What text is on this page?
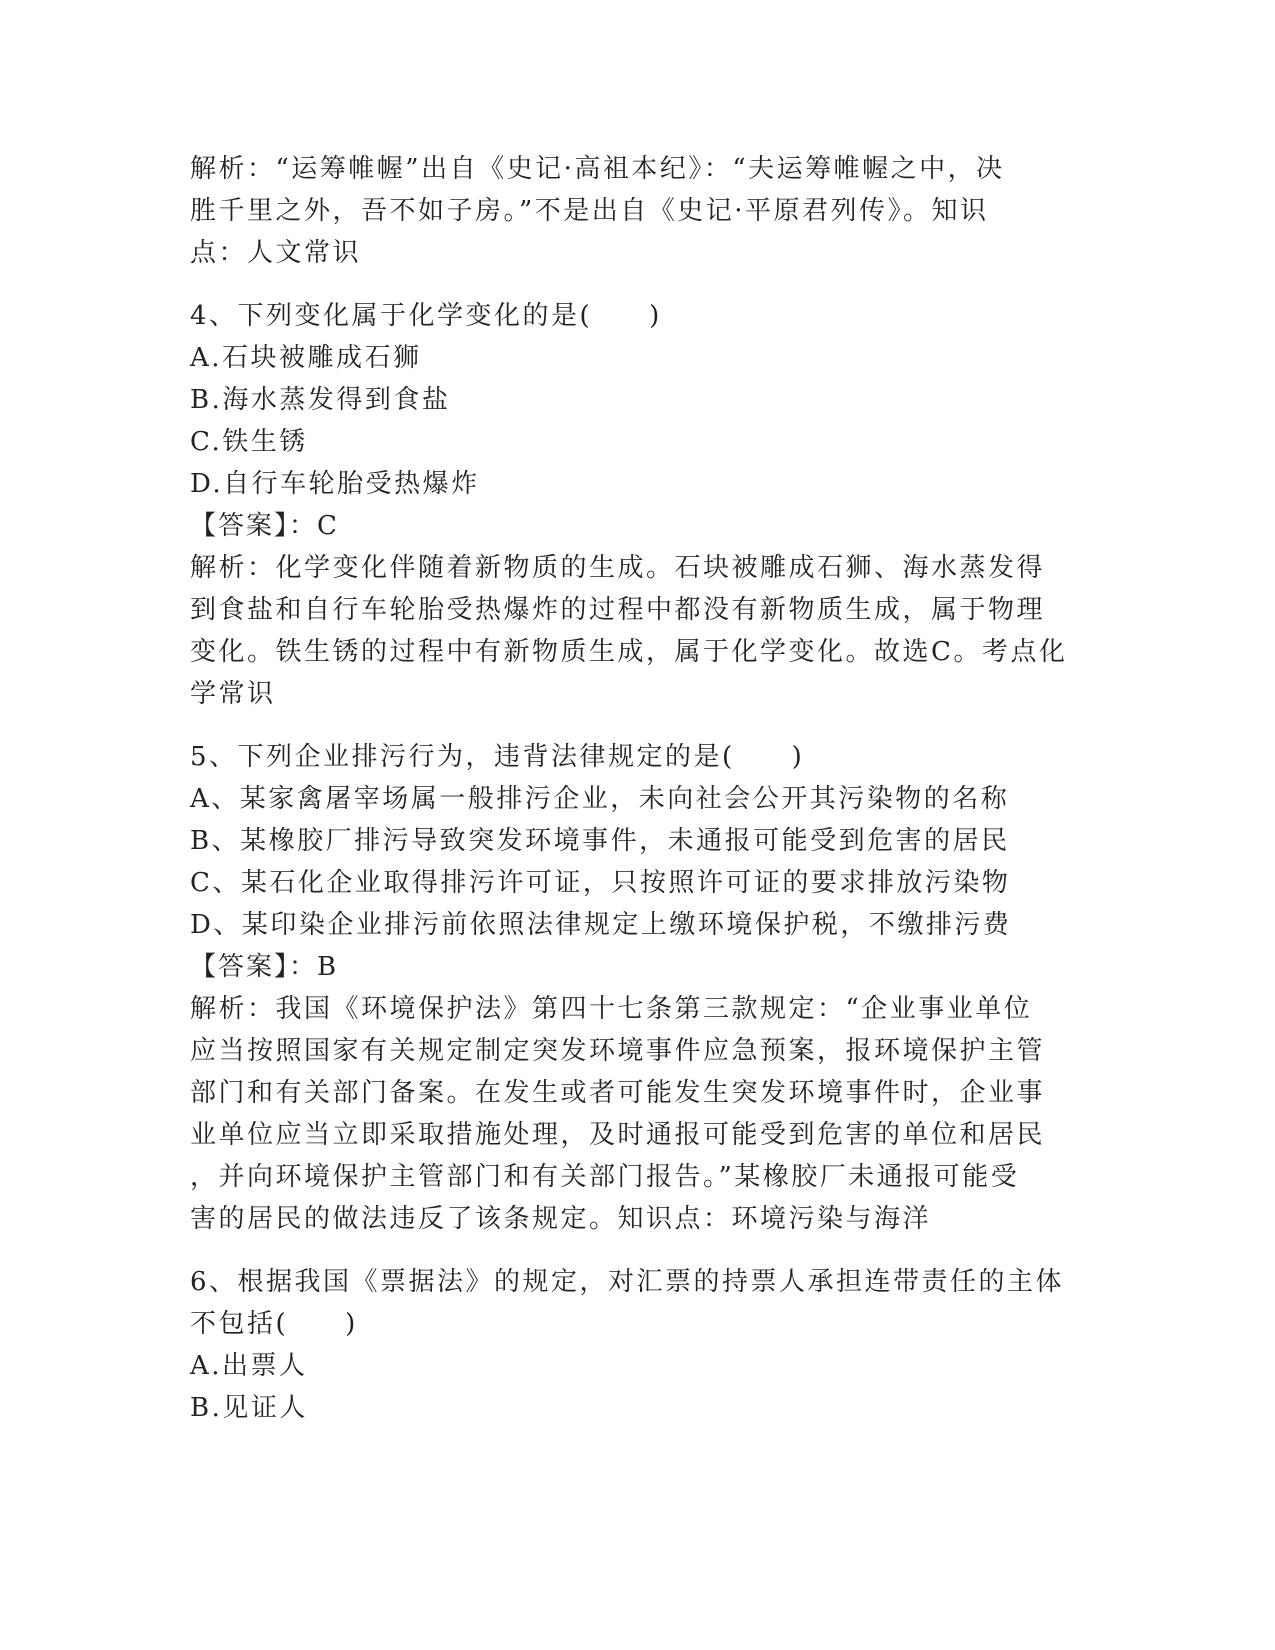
解析：“运筹帷幄”出自《史记·高祖本纪》：“夫运筹帷幄之中，决
胜千里之外，吾不如子房。”不是出自《史记·平原君列传》。知识
点：人文常识
4、下列变化属于化学变化的是(　　)
A.石块被雕成石狮
B.海水蒸发得到食盐
C.铁生锈
D.自行车轮胎受热爆炸
【答案】：C
解析：化学变化伴随着新物质的生成。石块被雕成石狮、海水蒸发得
到食盐和自行车轮胎受热爆炸的过程中都没有新物质生成，属于物理
变化。铁生锈的过程中有新物质生成，属于化学变化。故选C。考点化
学常识
5、下列企业排污行为，违背法律规定的是(　　)
A、某家禽屠宰场属一般排污企业，未向社会公开其污染物的名称
B、某橡胶厂排污导致突发环境事件，未通报可能受到危害的居民
C、某石化企业取得排污许可证，只按照许可证的要求排放污染物
D、某印染企业排污前依照法律规定上缴环境保护税，不缴排污费
【答案】：B
解析：我国《环境保护法》第四十七条第三款规定：“企业事业单位
应当按照国家有关规定制定突发环境事件应急预案，报环境保护主管
部门和有关部门备案。在发生或者可能发生突发环境事件时，企业事
业单位应当立即采取措施处理，及时通报可能受到危害的单位和居民
，并向环境保护主管部门和有关部门报告。”某橡胶厂未通报可能受
害的居民的做法违反了该条规定。知识点：环境污染与海洋
6、根据我国《票据法》的规定，对汇票的持票人承担连带责任的主体
不包括(　　)
A.出票人
B.见证人
